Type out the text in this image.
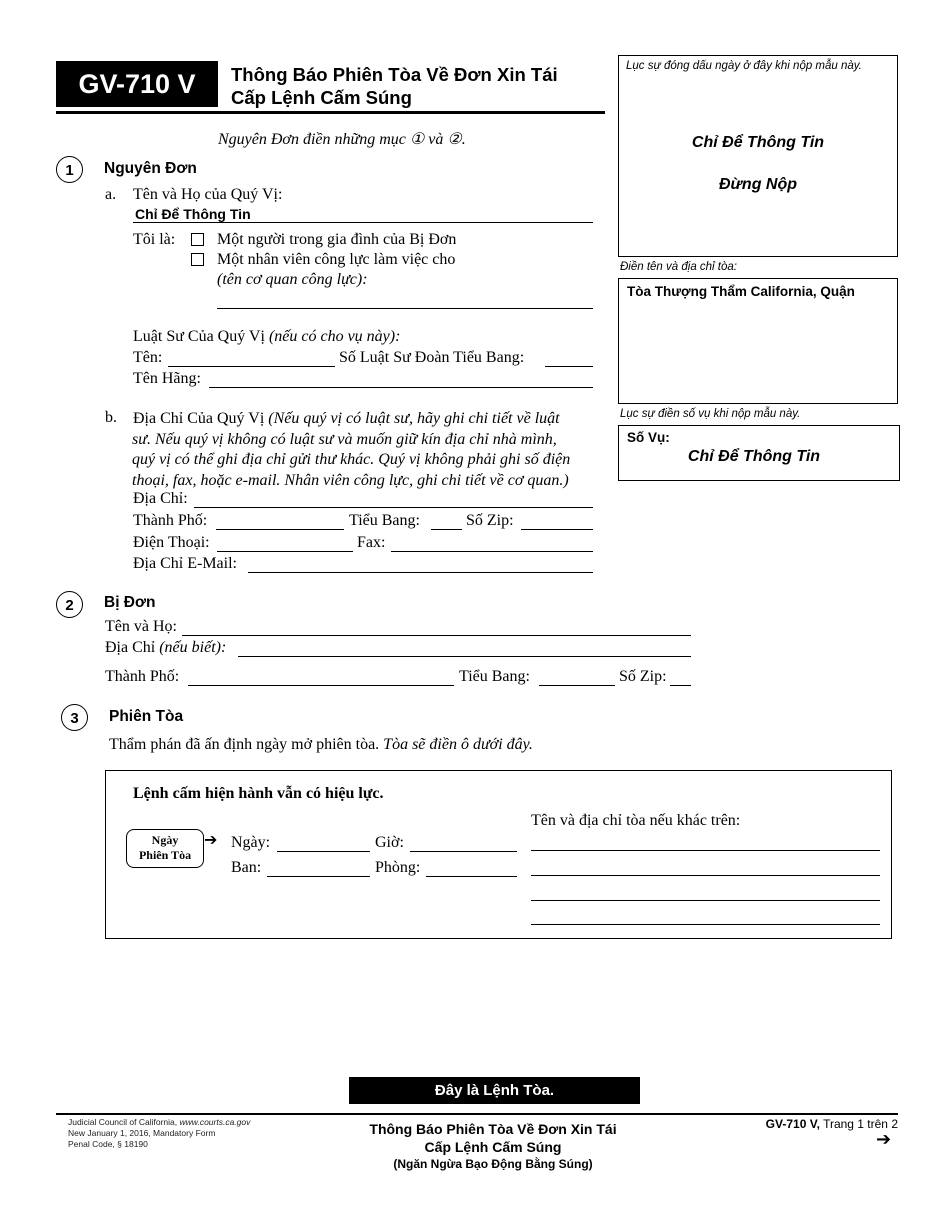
GV-710 V	Thông Báo Phiên Tòa Về Đơn Xin Tái
Cấp Lệnh Cấm Súng
Nguyên Đơn điền những mục ① và ②.
Lục sự đóng dấu ngày ở đây khi nộp mẫu này.
Chỉ Để Thông Tin
Đừng Nộp
Điền tên và địa chỉ tòa:
Tòa Thượng Thẩm California, Quận
Lục sự điền số vụ khi nộp mẫu này.
Số Vụ:
Chỉ Để Thông Tin
1	Nguyên Đơn
a. Tên và Họ của Quý Vị:
Chỉ Để Thông Tin
Tôi là:	Một người trong gia đình của Bị Đơn
Một nhân viên công lực làm việc cho
(tên cơ quan công lực):
Luật Sư Của Quý Vị (nếu có cho vụ này):
Tên:	Số Luật Sư Đoàn Tiểu Bang:
Tên Hãng:
b. Địa Chỉ Của Quý Vị (Nếu quý vị có luật sư, hãy ghi chi tiết về luật
sư. Nếu quý vị không có luật sư và muốn giữ kín địa chỉ nhà mình,
quý vị có thể ghi địa chỉ gửi thư khác. Quý vị không phải ghi số điện
thoại, fax, hoặc e-mail. Nhân viên công lực, ghi chi tiết về cơ quan.)
Địa Chỉ:
Thành Phố:	Tiểu Bang:	Số Zip:
Điện Thoại:	Fax:
Địa Chỉ E-Mail:
2	Bị Đơn
Tên và Họ:
Địa Chỉ (nếu biết):
Thành Phố:	Tiểu Bang:	Số Zip:
3	Phiên Tòa
Thẩm phán đã ấn định ngày mở phiên tòa. Tòa sẽ điền ô dưới đây.
Lệnh cấm hiện hành vẫn có hiệu lực.
Ngày
Phiên Tòa
➔ Ngày:	Giờ:
Ban:	Phòng:
Tên và địa chỉ tòa nếu khác trên:
Đây là Lệnh Tòa.
Judicial Council of California, www.courts.ca.gov
New January 1, 2016, Mandatory Form
Penal Code, § 18190
Thông Báo Phiên Tòa Về Đơn Xin Tái
Cấp Lệnh Cấm Súng
(Ngăn Ngừa Bạo Động Bằng Súng)
GV-710 V, Trang 1 trên 2
➔
